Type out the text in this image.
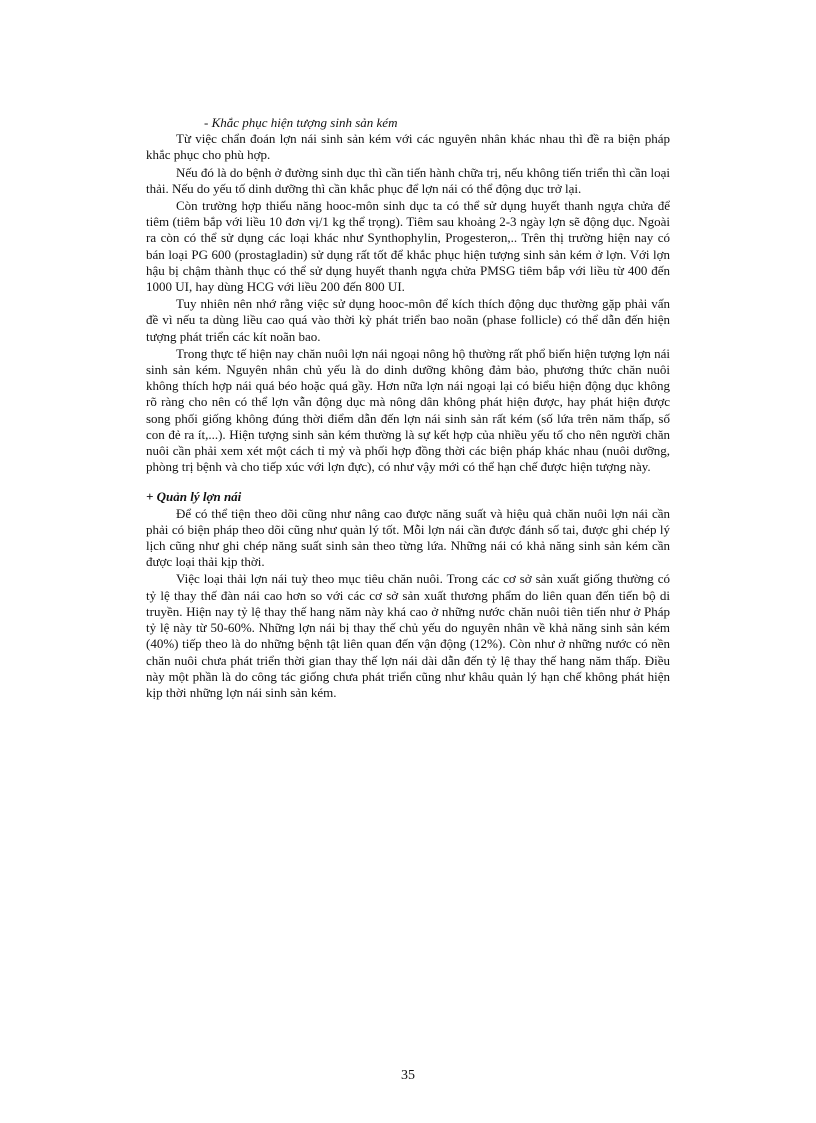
- Khắc phục hiện tượng sinh sản kém

Từ việc chẩn đoán lợn nái sinh sản kém với các nguyên nhân khác nhau thì đề ra biện pháp khắc phục cho phù hợp.

Nếu đó là do bệnh ở đường sinh dục thì cần tiến hành chữa trị, nếu không tiến triển thì cần loại thải. Nếu do yếu tố dinh dưỡng thì cần khắc phục để lợn nái có thể động dục trở lại.

Còn trường hợp thiếu năng hooc-môn sinh dục ta có thể sử dụng huyết thanh ngựa chửa để tiêm (tiêm bắp với liều 10 đơn vị/1 kg thể trọng). Tiêm sau khoảng 2-3 ngày lợn sẽ động dục. Ngoài ra còn có thể sử dụng các loại khác như Synthophylin, Progesteron,.. Trên thị trường hiện nay có bán loại PG 600 (prostagladin) sử dụng rất tốt để khắc phục hiện tượng sinh sản kém ở lợn. Với lợn hậu bị chậm thành thục có thể sử dụng huyết thanh ngựa chửa PMSG tiêm bắp với liều từ 400 đến 1000 UI, hay dùng HCG với liều 200 đến 800 UI.

Tuy nhiên nên nhớ rằng việc sử dụng hooc-môn để kích thích động dục thường gặp phải vấn đề vì nếu ta dùng liều cao quá vào thời kỳ phát triển bao noãn (phase follicle) có thể dẫn đến hiện tượng phát triển các kít noãn bao.

Trong thực tế hiện nay chăn nuôi lợn nái ngoại nông hộ thường rất phổ biến hiện tượng lợn nái sinh sản kém. Nguyên nhân chủ yếu là do dinh dưỡng không đảm bảo, phương thức chăn nuôi không thích hợp nái quá béo hoặc quá gầy. Hơn nữa lợn nái ngoại lại có biểu hiện động dục không rõ ràng cho nên có thể lợn vẫn động dục mà nông dân không phát hiện được, hay phát hiện được song phối giống không đúng thời điểm dẫn đến lợn nái sinh sản rất kém (số lứa trên năm thấp, số con đẻ ra ít,...). Hiện tượng sinh sản kém thường là sự kết hợp của nhiều yếu tố cho nên người chăn nuôi cần phải xem xét một cách tỉ mỷ và phối hợp đồng thời các biện pháp khác nhau (nuôi dưỡng, phòng trị bệnh và cho tiếp xúc với lợn đực), có như vậy mới có thể hạn chế được hiện tượng này.

+ Quản lý lợn nái

Để có thể tiện theo dõi cũng như nâng cao được năng suất và hiệu quả chăn nuôi lợn nái cần phải có biện pháp theo dõi cũng như quản lý tốt. Mỗi lợn nái cần được đánh số tai, được ghi chép lý lịch cũng như ghi chép năng suất sinh sản theo từng lứa. Những nái có khả năng sinh sản kém cần được loại thải kịp thời.

Việc loại thải lợn nái tuỳ theo mục tiêu chăn nuôi. Trong các cơ sở sản xuất giống thường có tỷ lệ thay thế đàn nái cao hơn so với các cơ sở sản xuất thương phẩm do liên quan đến tiến bộ di truyền. Hiện nay tỷ lệ thay thế hang năm này khá cao ở những nước chăn nuôi tiên tiến như ở Pháp tỷ lệ này từ 50-60%. Những lợn nái bị thay thế chủ yếu do nguyên nhân về khả năng sinh sản kém (40%) tiếp theo là do những bệnh tật liên quan đến vận động (12%). Còn như ở những nước có nền chăn nuôi chưa phát triển thời gian thay thế lợn nái dài dẫn đến tỷ lệ thay thế hang năm thấp. Điều này một phần là do công tác giống chưa phát triển cũng như khâu quản lý hạn chế không phát hiện kịp thời những lợn nái sinh sản kém.

35
